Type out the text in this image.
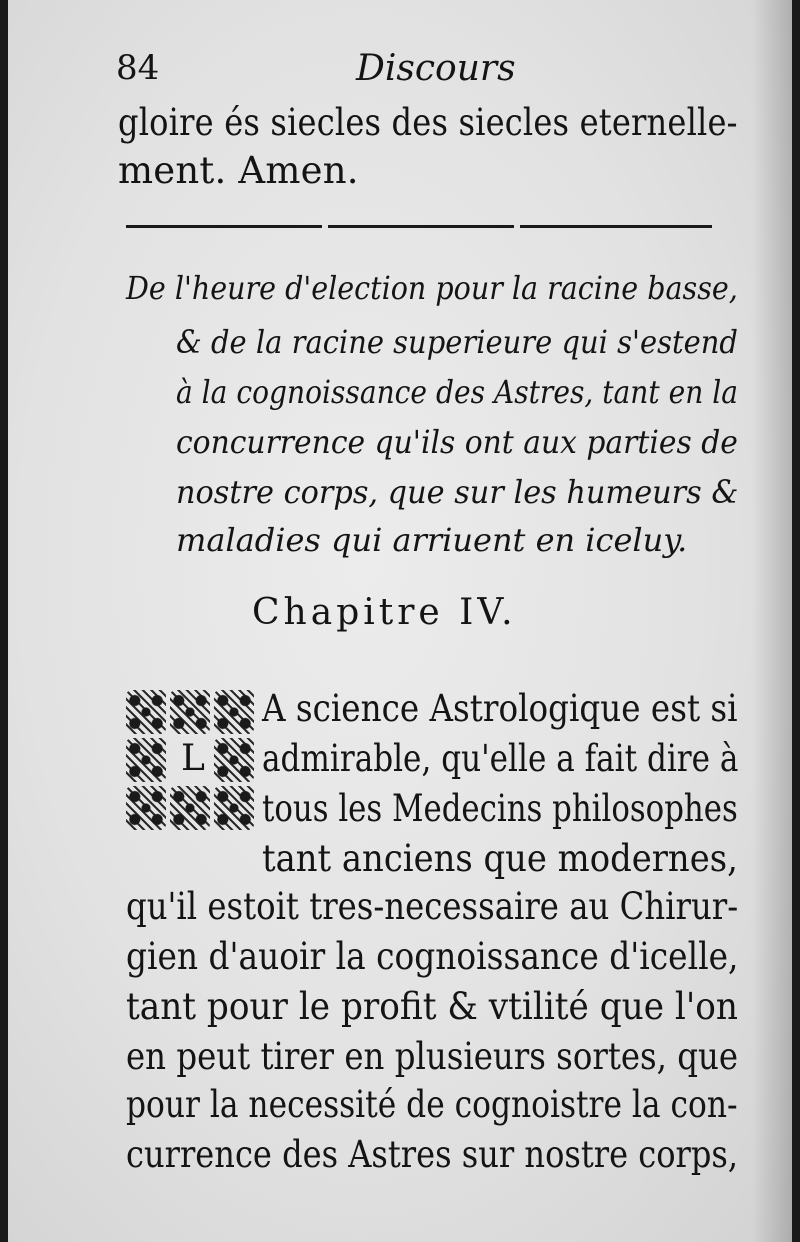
84	Discours
gloire és siecles des siecles eternelle-
ment. Amen.
De l'heure d'election pour la racine basse,
& de la racine superieure qui s'estend
à la cognoissance des Astres, tant en la
concurrence qu'ils ont aux parties de
nostre corps, que sur les humeurs &
maladies qui arriuent en iceluy.
Chapitre IV.
L
A science Astrologique est si
admirable, qu'elle a fait dire à
tous les Medecins philosophes
tant anciens que modernes,
qu'il estoit tres-necessaire au Chirur-
gien d'auoir la cognoissance d'icelle,
tant pour le profit & vtilité que l'on
en peut tirer en plusieurs sortes, que
pour la necessité de cognoistre la con-
currence des Astres sur nostre corps,
